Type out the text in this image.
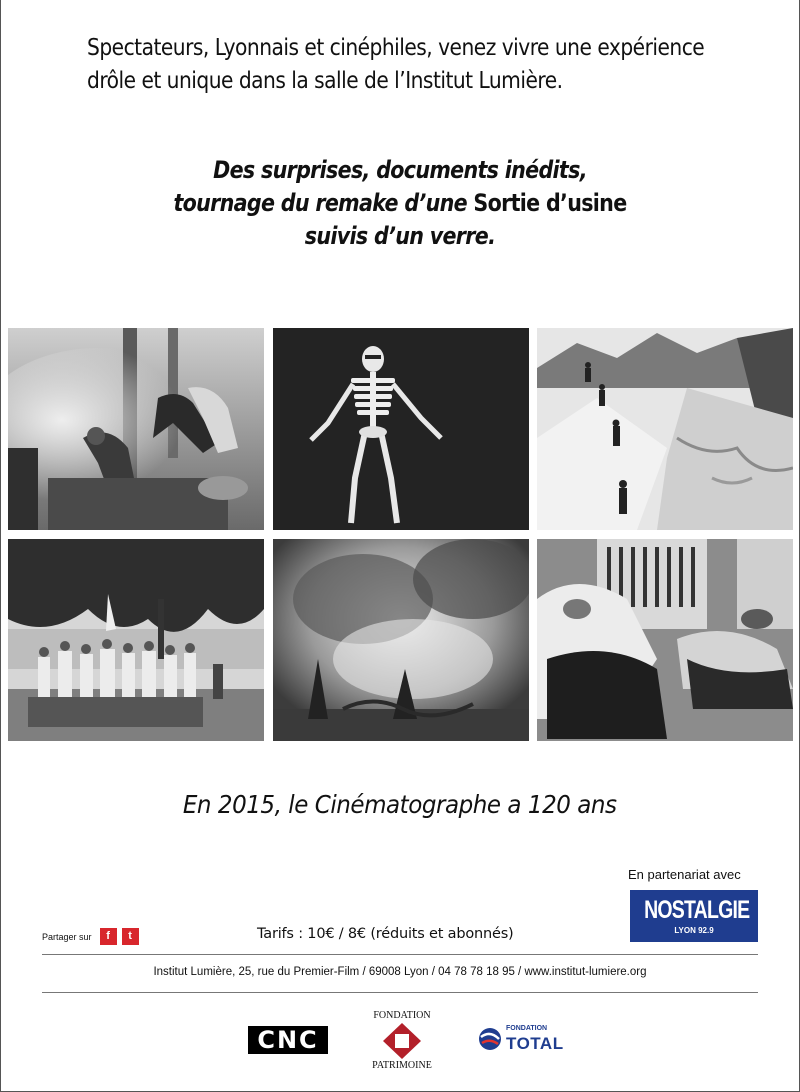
Spectateurs, Lyonnais et cinéphiles, venez vivre une expérience
drôle et unique dans la salle de l’Institut Lumière.
Des surprises, documents inédits,
tournage du remake d’une Sortie d’usine
suivis d’un verre.
En 2015, le Cinématographe a 120 ans
En partenariat avec
NOSTALGIE
LYON 92.9
Partager sur	f	t	Tarifs : 10€ / 8€ (réduits et abonnés)
Institut Lumière, 25, rue du Premier-Film / 69008 Lyon / 04 78 78 18 95 / www.institut-lumiere.org
CNC
FONDATION
PATRIMOINE
FONDATION
TOTAL
